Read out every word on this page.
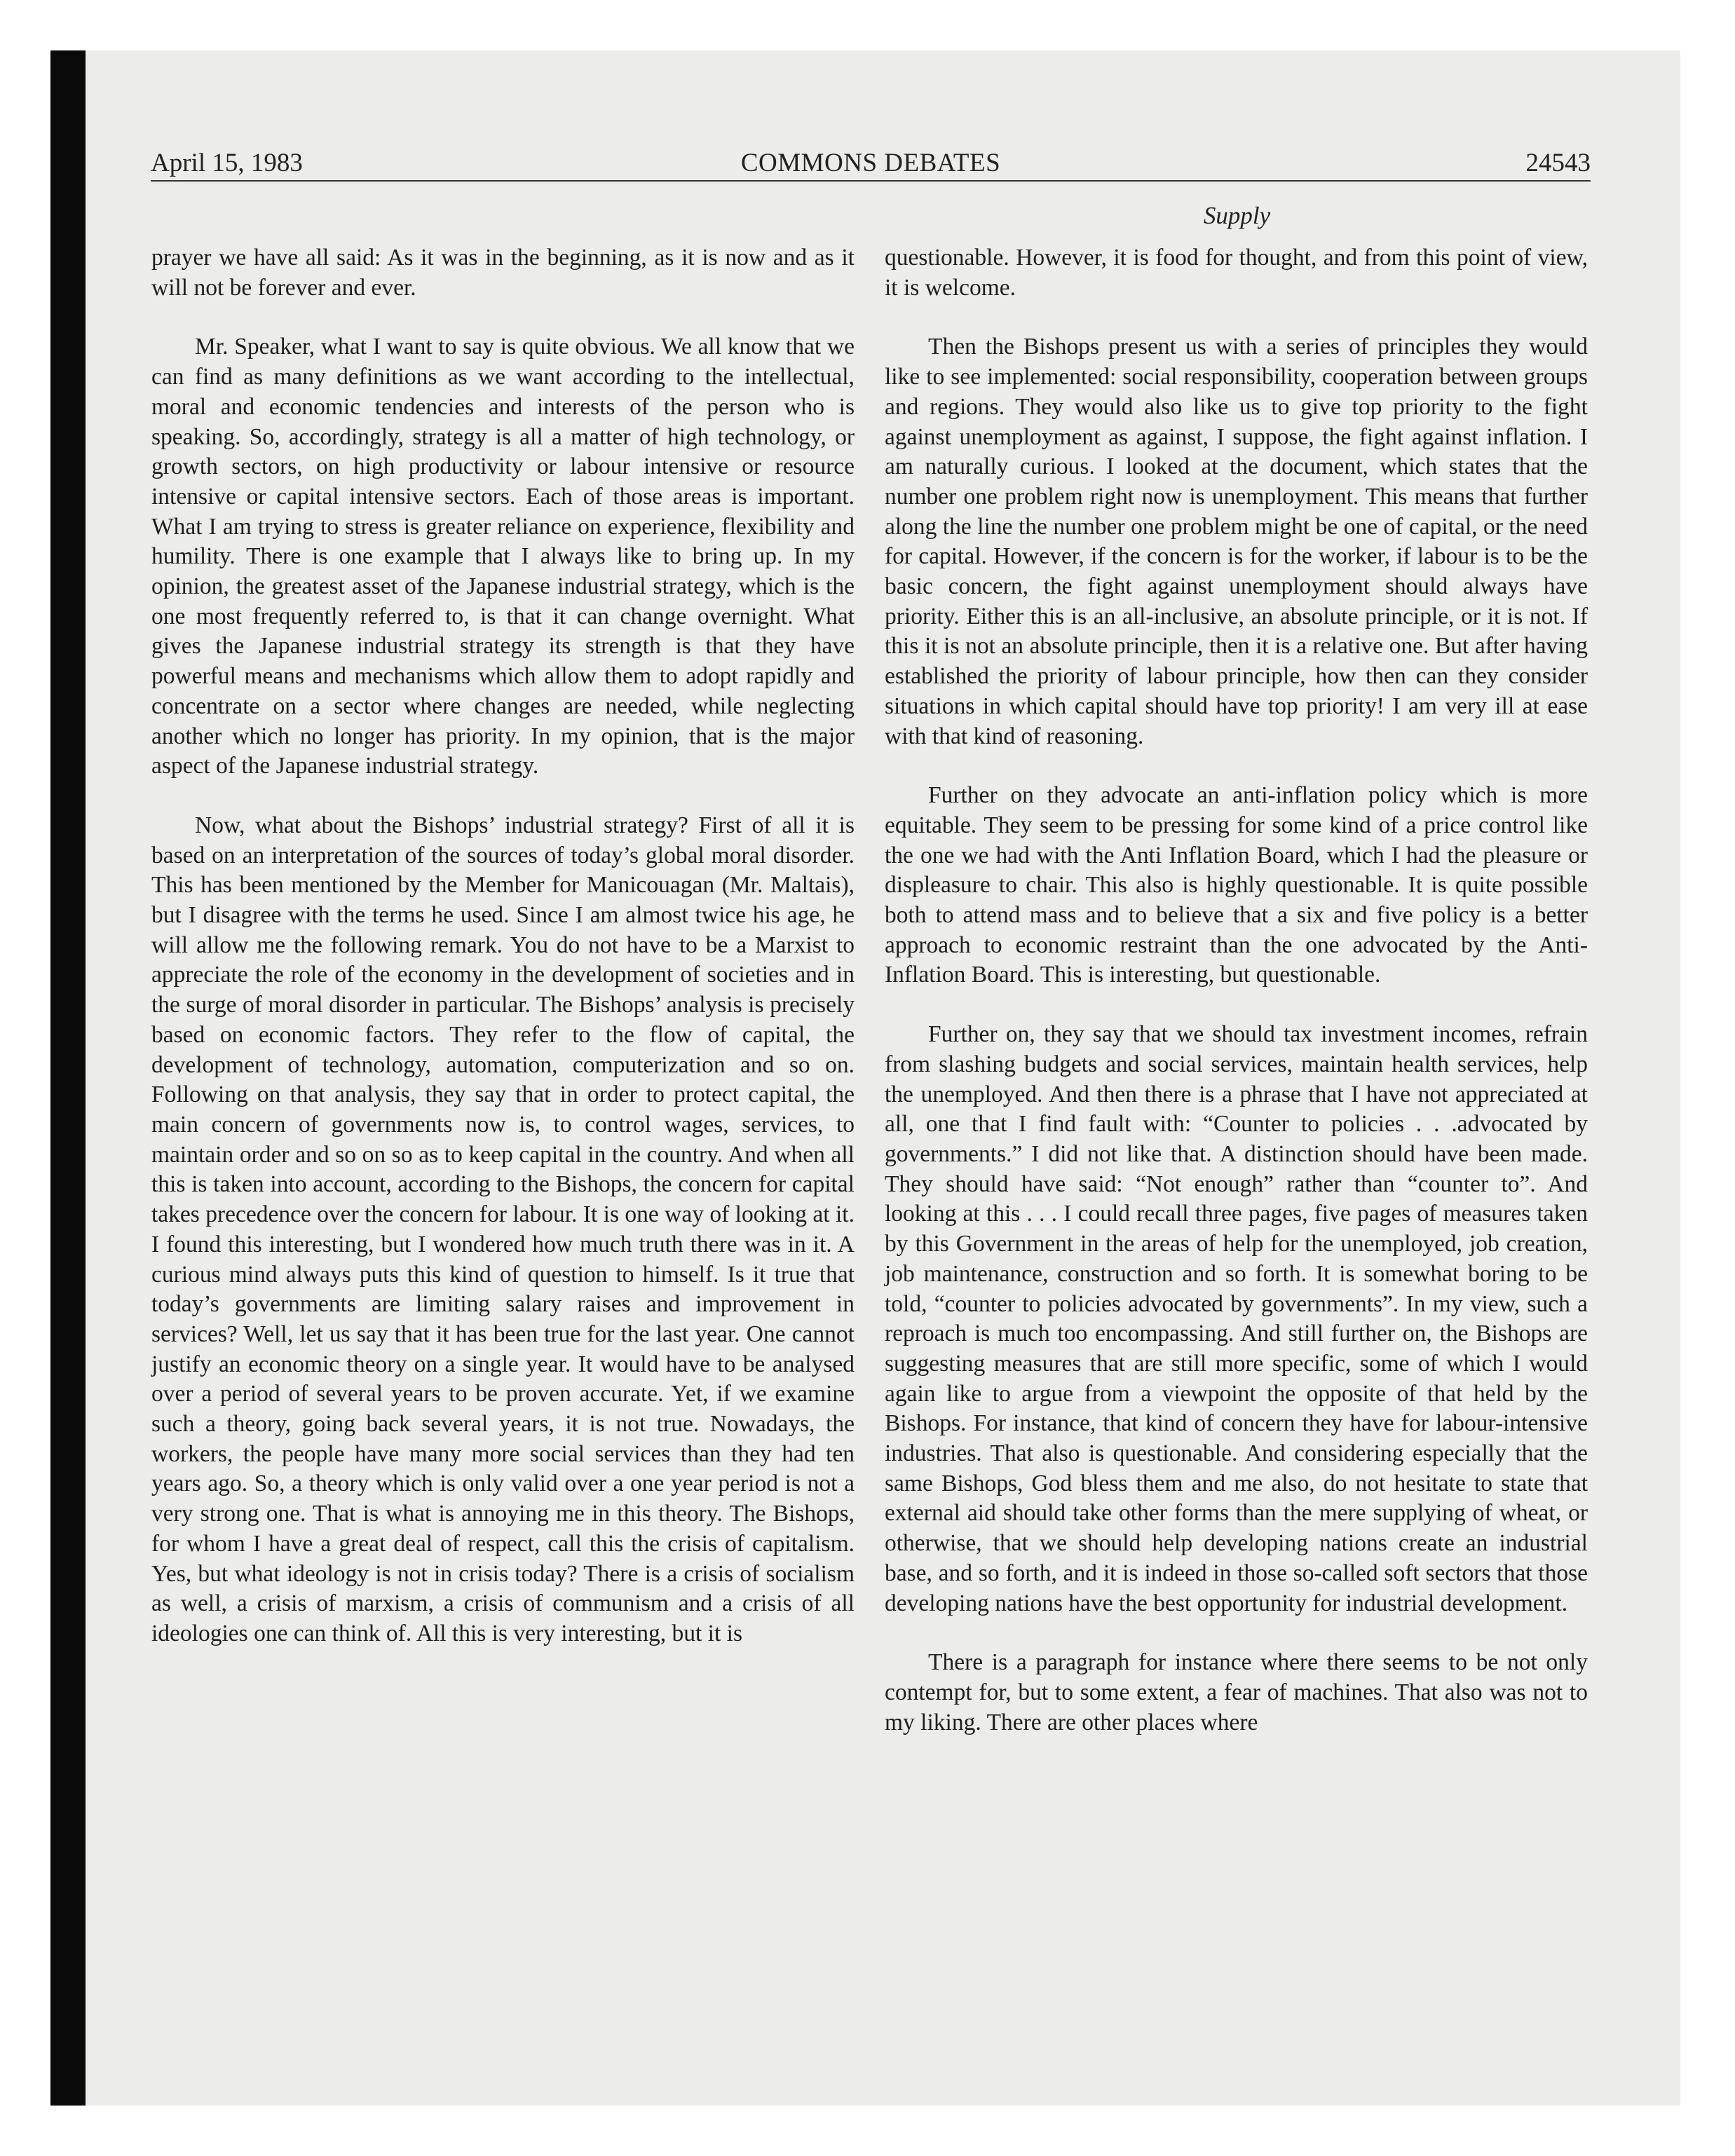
April 15, 1983	COMMONS DEBATES	24543
Supply

prayer we have all said: As it was in the beginning, as it is now and as it will not be forever and ever.

Mr. Speaker, what I want to say is quite obvious. We all know that we can find as many definitions as we want according to the intellectual, moral and economic tendencies and interests of the person who is speaking. So, accordingly, strategy is all a matter of high technology, or growth sectors, on high productivity or labour intensive or resource intensive or capital intensive sectors. Each of those areas is important. What I am trying to stress is greater reliance on experience, flexibility and humility. There is one example that I always like to bring up. In my opinion, the greatest asset of the Japanese industrial strategy, which is the one most frequently referred to, is that it can change overnight. What gives the Japanese industrial strategy its strength is that they have powerful means and mechanisms which allow them to adopt rapidly and concentrate on a sector where changes are needed, while neglecting another which no longer has priority. In my opinion, that is the major aspect of the Japanese industrial strategy.

Now, what about the Bishops’ industrial strategy? First of all it is based on an interpretation of the sources of today’s global moral disorder. This has been mentioned by the Member for Manicouagan (Mr. Maltais), but I disagree with the terms he used. Since I am almost twice his age, he will allow me the following remark. You do not have to be a Marxist to appreciate the role of the economy in the development of societies and in the surge of moral disorder in particular. The Bishops’ analysis is precisely based on economic factors. They refer to the flow of capital, the development of technology, automation, computerization and so on. Following on that analysis, they say that in order to protect capital, the main concern of governments now is, to control wages, services, to maintain order and so on so as to keep capital in the country. And when all this is taken into account, according to the Bishops, the concern for capital takes precedence over the concern for labour. It is one way of looking at it. I found this interesting, but I wondered how much truth there was in it. A curious mind always puts this kind of question to himself. Is it true that today’s governments are limiting salary raises and improvement in services? Well, let us say that it has been true for the last year. One cannot justify an economic theory on a single year. It would have to be analysed over a period of several years to be proven accurate. Yet, if we examine such a theory, going back several years, it is not true. Nowadays, the workers, the people have many more social services than they had ten years ago. So, a theory which is only valid over a one year period is not a very strong one. That is what is annoying me in this theory. The Bishops, for whom I have a great deal of respect, call this the crisis of capitalism. Yes, but what ideology is not in crisis today? There is a crisis of socialism as well, a crisis of marxism, a crisis of communism and a crisis of all ideologies one can think of. All this is very interesting, but it is

questionable. However, it is food for thought, and from this point of view, it is welcome.

Then the Bishops present us with a series of principles they would like to see implemented: social responsibility, cooperation between groups and regions. They would also like us to give top priority to the fight against unemployment as against, I suppose, the fight against inflation. I am naturally curious. I looked at the document, which states that the number one problem right now is unemployment. This means that further along the line the number one problem might be one of capital, or the need for capital. However, if the concern is for the worker, if labour is to be the basic concern, the fight against unemployment should always have priority. Either this is an all-inclusive, an absolute principle, or it is not. If this it is not an absolute principle, then it is a relative one. But after having established the priority of labour principle, how then can they consider situations in which capital should have top priority! I am very ill at ease with that kind of reasoning.

Further on they advocate an anti-inflation policy which is more equitable. They seem to be pressing for some kind of a price control like the one we had with the Anti Inflation Board, which I had the pleasure or displeasure to chair. This also is highly questionable. It is quite possible both to attend mass and to believe that a six and five policy is a better approach to economic restraint than the one advocated by the Anti-Inflation Board. This is interesting, but questionable.

Further on, they say that we should tax investment incomes, refrain from slashing budgets and social services, maintain health services, help the unemployed. And then there is a phrase that I have not appreciated at all, one that I find fault with: “Counter to policies . . .advocated by governments.” I did not like that. A distinction should have been made. They should have said: “Not enough” rather than “counter to”. And looking at this . . . I could recall three pages, five pages of measures taken by this Government in the areas of help for the unemployed, job creation, job maintenance, construction and so forth. It is somewhat boring to be told, “counter to policies advocated by governments”. In my view, such a reproach is much too encompassing. And still further on, the Bishops are suggesting measures that are still more specific, some of which I would again like to argue from a viewpoint the opposite of that held by the Bishops. For instance, that kind of concern they have for labour-intensive industries. That also is questionable. And considering especially that the same Bishops, God bless them and me also, do not hesitate to state that external aid should take other forms than the mere supplying of wheat, or otherwise, that we should help developing nations create an industrial base, and so forth, and it is indeed in those so-called soft sectors that those developing nations have the best opportunity for industrial development.

There is a paragraph for instance where there seems to be not only contempt for, but to some extent, a fear of machines. That also was not to my liking. There are other places where
